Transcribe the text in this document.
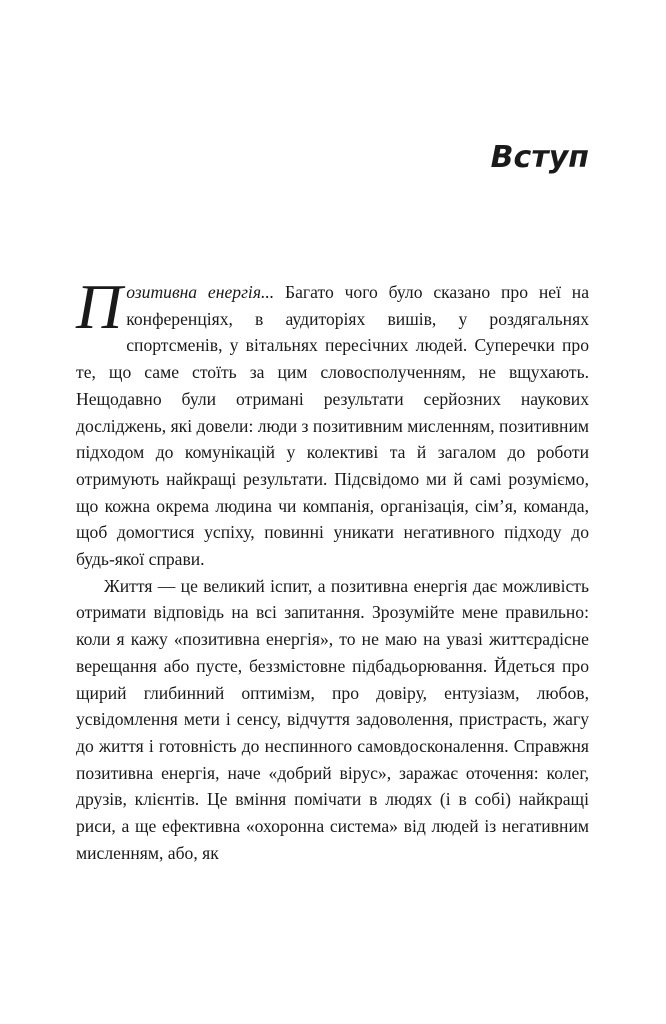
Вступ

Позитивна енергія... Багато чого було сказано про неї на конференціях, в аудиторіях вишів, у роздягальнях спортсменів, у вітальнях пересічних людей. Суперечки про те, що саме стоїть за цим словосполученням, не вщухають. Нещодавно були отримані результати серйозних наукових досліджень, які довели: люди з позитивним мисленням, позитивним підходом до комунікацій у колективі та й загалом до роботи отримують найкращі результати. Підсвідомо ми й самі розуміємо, що кожна окрема людина чи компанія, організація, сім’я, команда, щоб домогтися успіху, повинні уникати негативного підходу до будь-якої справи.

Життя — це великий іспит, а позитивна енергія дає можливість отримати відповідь на всі запитання. Зрозумійте мене правильно: коли я кажу «позитивна енергія», то не маю на увазі життєрадісне верещання або пусте, беззмістовне підбадьорювання. Йдеться про щирий глибинний оптимізм, про довіру, ентузіазм, любов, усвідомлення мети і сенсу, відчуття задоволення, пристрасть, жагу до життя і готовність до неспинного самовдосконалення. Справжня позитивна енергія, наче «добрий вірус», заражає оточення: колег, друзів, клієнтів. Це вміння помічати в людях (і в собі) найкращі риси, а ще ефективна «охоронна система» від людей із негативним мисленням, або, як
